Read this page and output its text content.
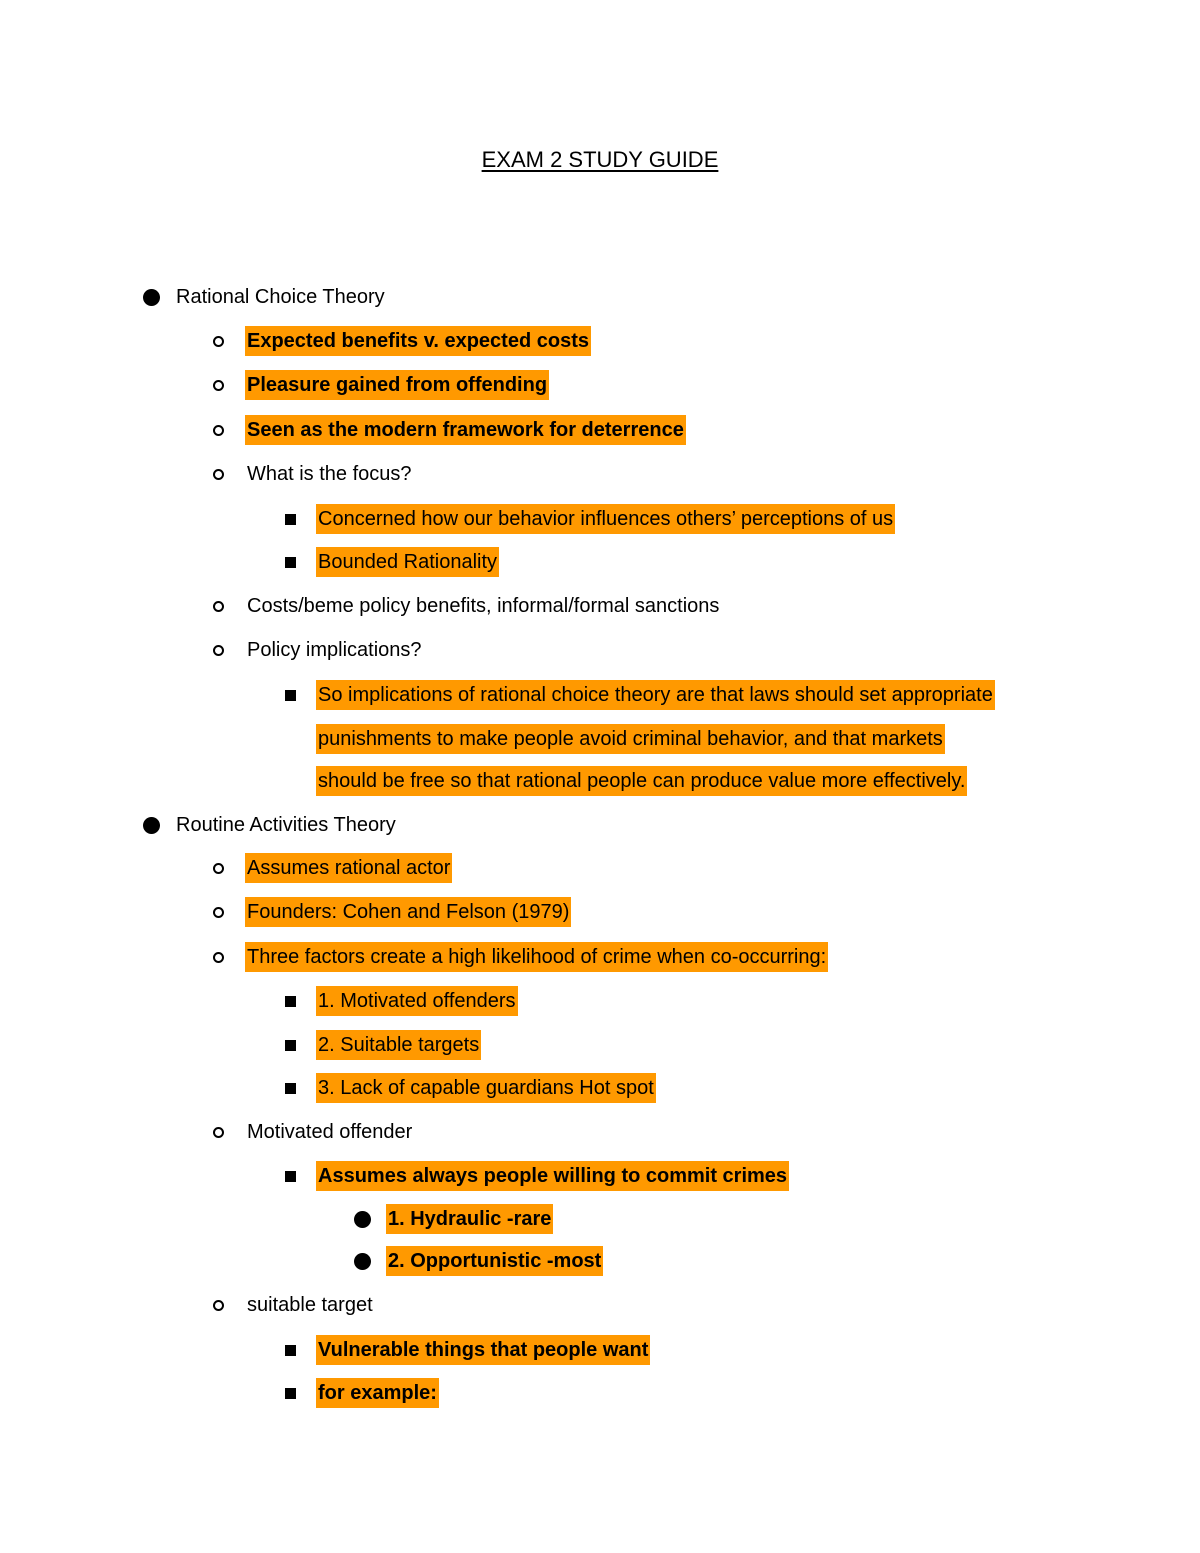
EXAM 2 STUDY GUIDE
Rational Choice Theory
Expected benefits v. expected costs
Pleasure gained from offending
Seen as the modern framework for deterrence
What is the focus?
Concerned how our behavior influences others’ perceptions of us
Bounded Rationality
Costs/beme policy benefits, informal/formal sanctions
Policy implications?
So implications of rational choice theory are that laws should set appropriate
punishments to make people avoid criminal behavior, and that markets
should be free so that rational people can produce value more effectively.
Routine Activities Theory
Assumes rational actor
Founders: Cohen and Felson (1979)
Three factors create a high likelihood of crime when co-occurring:
1. Motivated offenders
2. Suitable targets
3. Lack of capable guardians Hot spot
Motivated offender
Assumes always people willing to commit crimes
1. Hydraulic -rare
2. Opportunistic -most
suitable target
Vulnerable things that people want
for example:
